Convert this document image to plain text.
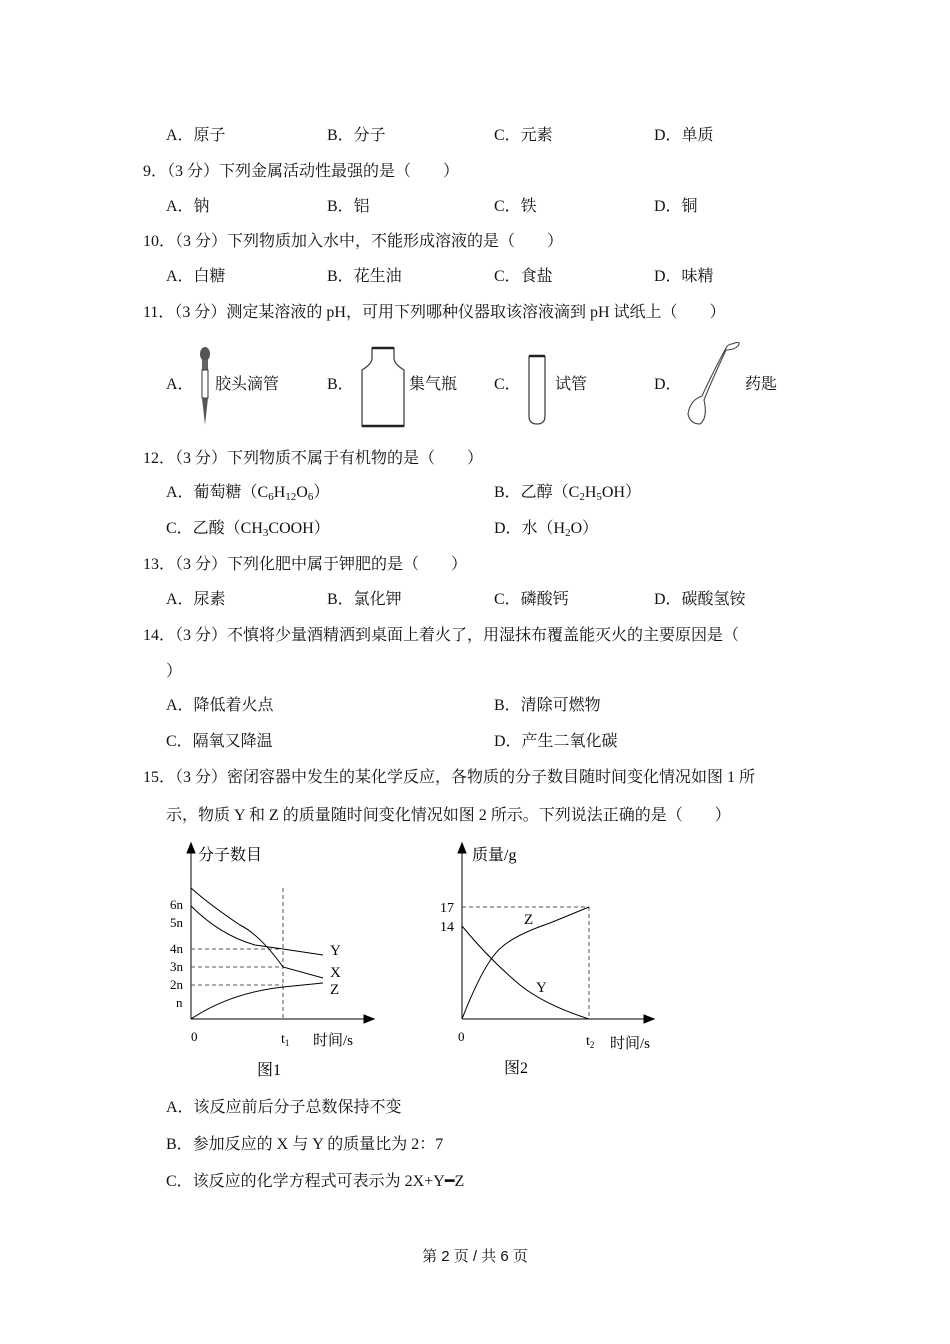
A．原子	B．分子	C．元素	D．单质
9．（3 分）下列金属活动性最强的是（　　）
A．钠	B．铝	C．铁	D．铜
10．（3 分）下列物质加入水中，不能形成溶液的是（　　）
A．白糖	B．花生油	C．食盐	D．味精
11．（3 分）测定某溶液的 pH，可用下列哪种仪器取该溶液滴到 pH 试纸上（　　）
A． 胶头滴管	B．	集气瓶 C． 试管	D．	药匙
12．（3 分）下列物质不属于有机物的是（　　）
A．葡萄糖$(C_6H_{12}O_6)$	B．乙醇$(C_2H_5OH)$
C．乙酸$(CH_3COOH)$	D．水$(H_2O)$
13．（3 分）下列化肥中属于钾肥的是（　　）
A．尿素	B．氯化钾	C．磷酸钙	D．碳酸氢铵
14．（3 分）不慎将少量酒精洒到桌面上着火了，用湿抹布覆盖能灭火的主要原因是（
）
A．降低着火点	B．清除可燃物
C．隔氧又降温	D．产生二氧化碳
15．（3 分）密闭容器中发生的某化学反应，各物质的分子数目随时间变化情况如图 1 所
示，物质 Y 和 Z 的质量随时间变化情况如图 2 所示。下列说法正确的是（　　）
分子数目
6n
5n
4n
3n
2n
n
Y
X
Z
0	$t_1$ 时间/s
图1
质量/g
17
14	Z
Y
0	$t_2$ 时间/s
图2
A．该反应前后分子总数保持不变
B．参加反应的 X 与 Y 的质量比为 2：7
C．该反应的化学方程式可表示为 2X+Y━Z
第 2 页 / 共 6 页
